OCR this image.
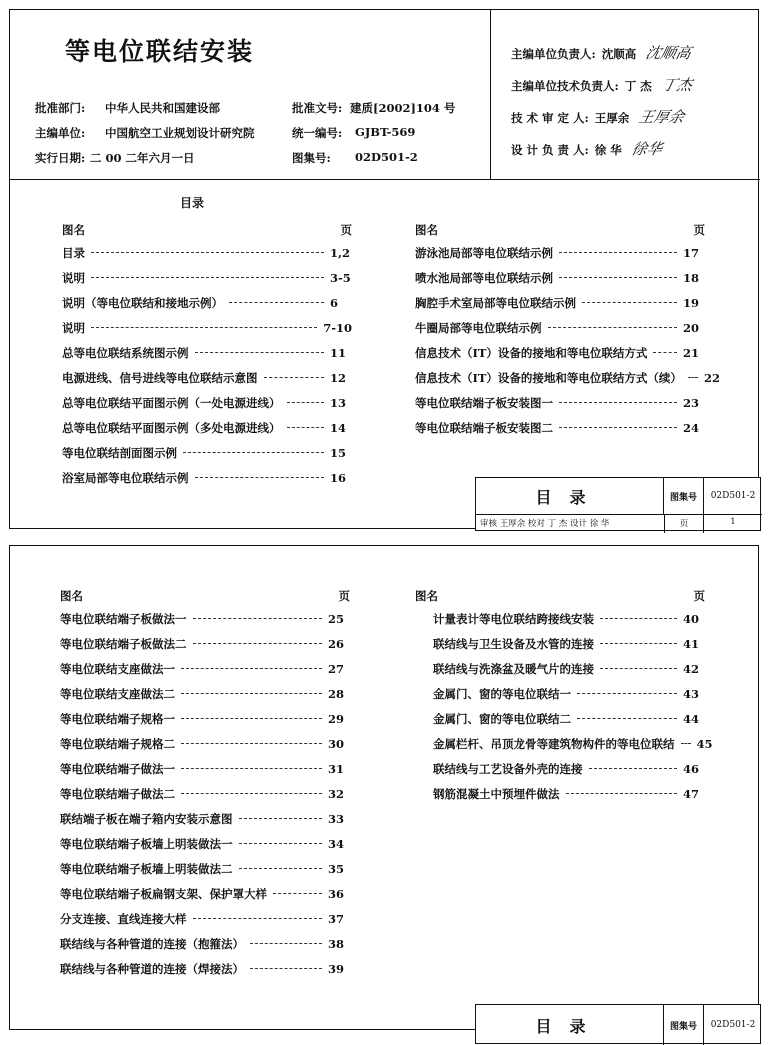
等电位联结安装
批准部门: 中华人民共和国建设部	批准文号: 建质[2002]104 号
主编单位: 中国航空工业规划设计研究院	统一编号: GJBT-569
实行日期: 二 00 二年六月一日	图集号: 02D501-2
主编单位负责人: 沈顺高 沈顺高
主编单位技术负责人: 丁 杰 丁杰
技 术 审 定 人: 王厚余 王厚余
设 计 负 责 人: 徐 华 徐华
目录
图名	页
目录	1,2
说明	3-5
说明（等电位联结和接地示例）	6
说明	7-10
总等电位联结系统图示例	11
电源进线、信号进线等电位联结示意图	12
总等电位联结平面图示例（一处电源进线）	13
总等电位联结平面图示例（多处电源进线）	14
等电位联结剖面图示例	15
浴室局部等电位联结示例	16
图名	页
游泳池局部等电位联结示例	17
喷水池局部等电位联结示例	18
胸腔手术室局部等电位联结示例	19
牛圈局部等电位联结示例	20
信息技术（IT）设备的接地和等电位联结方式	21
信息技术（IT）设备的接地和等电位联结方式（续） 22
等电位联结端子板安装图一	23
等电位联结端子板安装图二	24
目录	图集号	02D501-2
审核 王厚余 校对 丁 杰 设计 徐 华	页	1
图名	页
等电位联结端子板做法一	25
等电位联结端子板做法二	26
等电位联结支座做法一	27
等电位联结支座做法二	28
等电位联结端子规格一	29
等电位联结端子规格二	30
等电位联结端子做法一	31
等电位联结端子做法二	32
联结端子板在端子箱内安装示意图	33
等电位联结端子板墙上明装做法一	34
等电位联结端子板墙上明装做法二	35
等电位联结端子板扁钢支架、保护罩大样	36
分支连接、直线连接大样	37
联结线与各种管道的连接（抱箍法）	38
联结线与各种管道的连接（焊接法）	39
图名	页
计量表计等电位联结跨接线安装	40
联结线与卫生设备及水管的连接	41
联结线与洗涤盆及暖气片的连接	42
金属门、窗的等电位联结一	43
金属门、窗的等电位联结二	44
金属栏杆、吊顶龙骨等建筑物构件的等电位联结 45
联结线与工艺设备外壳的连接	46
钢筋混凝土中预埋件做法	47
目录	图集号	02D501-2
